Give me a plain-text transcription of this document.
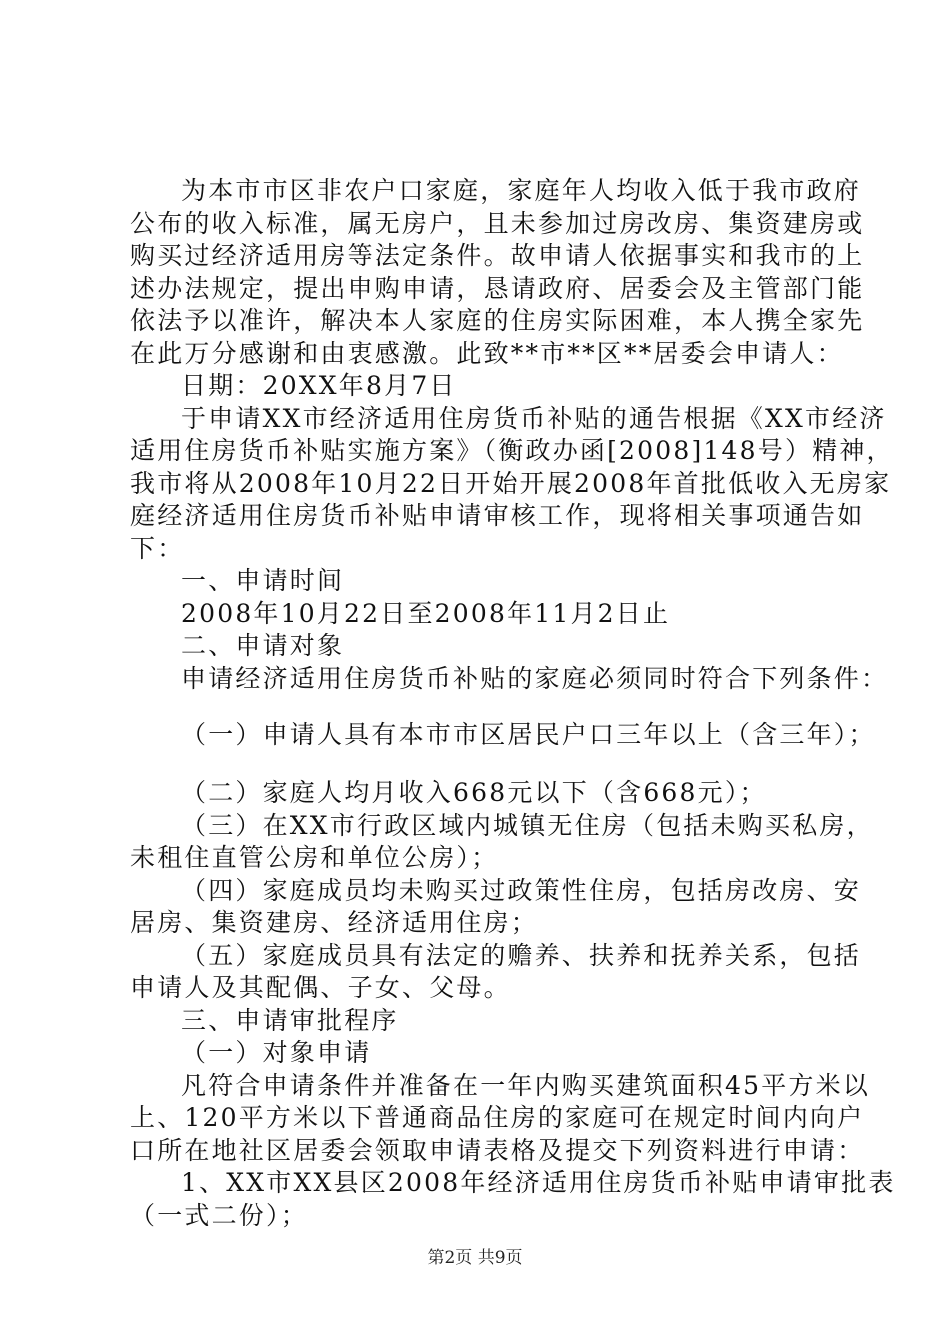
为本市市区非农户口家庭，家庭年人均收入低于我市政府
公布的收入标准，属无房户，且未参加过房改房、集资建房或
购买过经济适用房等法定条件。故申请人依据事实和我市的上
述办法规定，提出申购申请，恳请政府、居委会及主管部门能
依法予以准许，解决本人家庭的住房实际困难，本人携全家先
在此万分感谢和由衷感激。此致**市**区**居委会申请人：
日期：20XX年8月7日
于申请XX市经济适用住房货币补贴的通告根据《XX市经济
适用住房货币补贴实施方案》（衡政办函[2008]148号）精神，
我市将从2008年10月22日开始开展2008年首批低收入无房家
庭经济适用住房货币补贴申请审核工作，现将相关事项通告如
下：
一、申请时间
2008年10月22日至2008年11月2日止
二、申请对象
申请经济适用住房货币补贴的家庭必须同时符合下列条件：
（一）申请人具有本市市区居民户口三年以上（含三年）；
（二）家庭人均月收入668元以下（含668元）；
（三）在XX市行政区域内城镇无住房（包括未购买私房，
未租住直管公房和单位公房）；
（四）家庭成员均未购买过政策性住房，包括房改房、安
居房、集资建房、经济适用住房；
（五）家庭成员具有法定的赡养、扶养和抚养关系，包括
申请人及其配偶、子女、父母。
三、申请审批程序
（一）对象申请
凡符合申请条件并准备在一年内购买建筑面积45平方米以
上、120平方米以下普通商品住房的家庭可在规定时间内向户
口所在地社区居委会领取申请表格及提交下列资料进行申请：
1、XX市XX县区2008年经济适用住房货币补贴申请审批表
（一式二份）；
第2页 共9页
